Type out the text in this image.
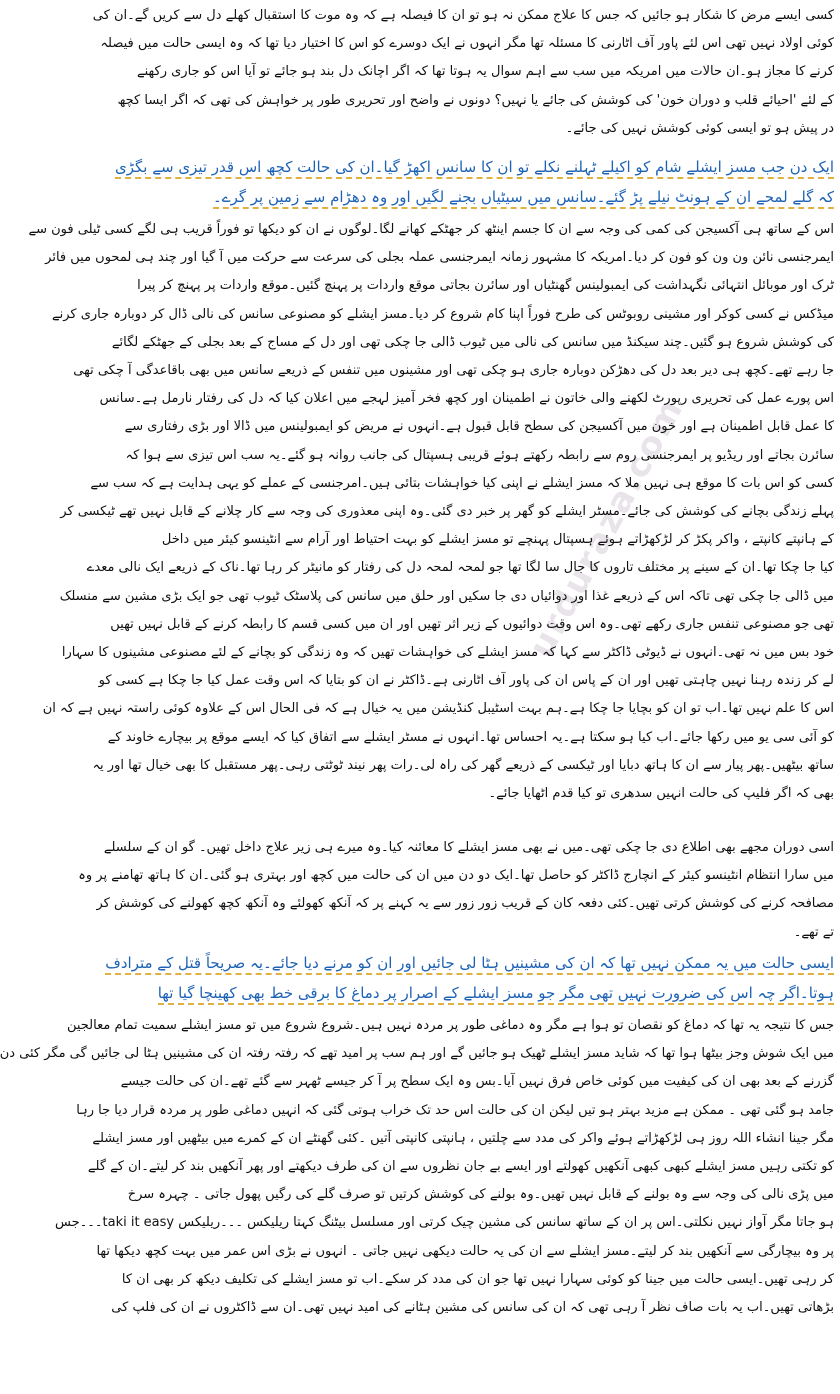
urduraza.com
کسی ایسے مرض کا شکار ہو جائیں کہ جس کا علاج ممکن نہ ہو تو ان کا فیصلہ ہے کہ وہ موت کا استقبال کھلے دل سے کریں گے۔ان کی
کوئی اولاد نہیں تھی اس لئے پاور آف اٹارنی کا مسئلہ تھا مگر انہوں نے ایک دوسرے کو اس کا اختیار دیا تھا کہ وہ ایسی حالت میں فیصلہ
کرنے کا مجاز ہو۔ان حالات میں امریکہ میں سب سے اہم سوال یہ ہوتا تھا کہ اگر اچانک دل بند ہو جائے تو آیا اس کو جاری رکھنے
کے لئے 'احیائے قلب و دوران خون' کی کوشش کی جائے یا نہیں؟ دونوں نے واضح اور تحریری طور پر خواہش کی تھی کہ اگر ایسا کچھ
در پیش ہو تو ایسی کوئی کوشش نہیں کی جائے۔
ایک دن جب مسز ایشلے شام کو اکیلے ٹہلنے نکلے تو ان کا سانس اکھڑ گیا۔ان کی حالت کچھ اس قدر تیزی سے بگڑی
کہ گلے لمحے ان کے ہونٹ نیلے پڑ گئے۔سانس میں سیٹیاں بجنے لگیں اور وہ دھڑام سے زمین پر گرے۔
اس کے ساتھ ہی آکسیجن کی کمی کی وجہ سے ان کا جسم اینٹھ کر جھٹکے کھانے لگا۔لوگوں نے ان کو دیکھا تو فوراً قریب ہی لگے کسی ٹیلی فون سے
ایمرجنسی نائن ون ون کو فون کر دیا۔امریکہ کا مشہور زمانہ ایمرجنسی عملہ بجلی کی سرعت سے حرکت میں آ گیا اور چند ہی لمحوں میں فائر
ٹرک اور موبائل انتہائی نگہداشت کی ایمبولینس گھنٹیاں اور سائرن بجاتی موقع واردات پر پہنچ گئیں۔موقع واردات پر پہنچ کر پیرا
میڈکس نے کسی کوکر اور مشینی روبوٹس کی طرح فوراً اپنا کام شروع کر دیا۔مسز ایشلے کو مصنوعی سانس کی نالی ڈال کر دوبارہ جاری کرنے
کی کوشش شروع ہو گئیں۔چند سیکنڈ میں سانس کی نالی میں ٹیوب ڈالی جا چکی تھی اور دل کے مساج کے بعد بجلی کے جھٹکے لگائے
جا رہے تھے۔کچھ ہی دیر بعد دل کی دھڑکن دوبارہ جاری ہو چکی تھی اور مشینوں میں تنفس کے ذریعے سانس میں بھی باقاعدگی آ چکی تھی
اس پورے عمل کی تحریری رپورٹ لکھنے والی خاتون نے اطمینان اور کچھ فخر آمیز لہجے میں اعلان کیا کہ دل کی رفتار نارمل ہے۔سانس
کا عمل قابل اطمینان ہے اور خون میں آکسیجن کی سطح قابل قبول ہے۔انہوں نے مریض کو ایمبولینس میں ڈالا اور بڑی رفتاری سے
سائرن بجاتے اور ریڈیو پر ایمرجنسی روم سے رابطہ رکھتے ہوئے قریبی ہسپتال کی جانب روانہ ہو گئے۔یہ سب اس تیزی سے ہوا کہ
کسی کو اس بات کا موقع ہی نہیں ملا کہ مسز ایشلے نے اپنی کیا خواہشات بتائی ہیں۔امرجنسی کے عملے کو یہی ہدایت ہے کہ سب سے
پہلے زندگی بچانے کی کوشش کی جائے۔مسٹر ایشلے کو گھر پر خبر دی گئی۔وہ اپنی معذوری کی وجہ سے کار چلانے کے قابل نہیں تھے ٹیکسی کر
کے ہانپتے کانپتے ، واکر پکڑ کر لڑکھڑاتے ہوئے ہسپتال پہنچے تو مسز ایشلے کو بہت احتیاط اور آرام سے انٹینسو کیئر میں داخل
کیا جا چکا تھا۔ان کے سینے پر مختلف تاروں کا جال سا لگا تھا جو لمحہ لمحہ دل کی رفتار کو مانیٹر کر رہا تھا۔ناک کے ذریعے ایک نالی معدے
میں ڈالی جا چکی تھی تاکہ اس کے ذریعے غذا اور دوائیاں دی جا سکیں اور حلق میں سانس کی پلاسٹک ٹیوب تھی جو ایک بڑی مشین سے منسلک
تھی جو مصنوعی تنفس جاری رکھے تھی۔وہ اس وقت دوائیوں کے زیر اثر تھیں اور ان میں کسی قسم کا رابطہ کرنے کے قابل نہیں تھیں
خود بس میں نہ تھی۔انہوں نے ڈیوٹی ڈاکٹر سے کہا کہ مسز ایشلے کی خواہشات تھیں کہ وہ زندگی کو بچانے کے لئے مصنوعی مشینوں کا سہارا
لے کر زندہ رہنا نہیں چاہتی تھیں اور ان کے پاس ان کی پاور آف اٹارنی ہے۔ڈاکٹر نے ان کو بتایا کہ اس وقت عمل کیا جا چکا ہے کسی کو
اس کا علم نہیں تھا۔اب تو ان کو بچایا جا چکا ہے۔ہم بہت اسٹیبل کنڈیشن میں یہ خیال ہے کہ فی الحال اس کے علاوہ کوئی راستہ نہیں ہے کہ ان
کو آئی سی یو میں رکھا جائے۔اب کیا ہو سکتا ہے۔یہ احساس تھا۔انہوں نے مسٹر ایشلے سے اتفاق کیا کہ ایسے موقع پر بیچارے خاوند کے
ساتھ بیٹھیں۔پھر پیار سے ان کا ہاتھ دبایا اور ٹیکسی کے ذریعے گھر کی راہ لی۔رات پھر نیند ٹوٹتی رہی۔پھر مستقبل کا بھی خیال تھا اور یہ
بھی کہ اگر فلیپ کی حالت انہیں سدھری تو کیا قدم اٹھایا جائے۔
اسی دوران مجھے بھی اطلاع دی جا چکی تھی۔میں نے بھی مسز ایشلے کا معائنہ کیا۔وہ میرے ہی زیر علاج داخل تھیں۔ گو ان کے سلسلے
میں سارا انتظام انٹینسو کیئر کے انچارج ڈاکٹر کو حاصل تھا۔ایک دو دن میں ان کی حالت میں کچھ اور بہتری ہو گئی۔ان کا ہاتھ تھامنے پر وہ
مصافحہ کرنے کی کوشش کرتی تھیں۔کئی دفعہ کان کے قریب زور زور سے یہ کہنے پر کہ آنکھ کھولئے وہ آنکھ کچھ کھولنے کی کوشش کر
تے تھے۔
ایسی حالت میں یہ ممکن نہیں تھا کہ ان کی مشینیں ہٹا لی جائیں اور ان کو مرنے دیا جائے۔یہ صریحاً قتل کے مترادف
ہوتا۔اگر چہ اس کی ضرورت نہیں تھی مگر جو مسز ایشلے کے اصرار پر دماغ کا برقی خط بھی کھینچا گیا تھا
جس کا نتیجہ یہ تھا کہ دماغ کو نقصان تو ہوا ہے مگر وہ دماغی طور پر مردہ نہیں ہیں۔شروع شروع میں تو مسز ایشلے سمیت تمام معالجین
میں ایک شوش وجز بیٹھا ہوا تھا کہ شاید مسز ایشلے ٹھیک ہو جائیں گے اور ہم سب پر امید تھے کہ رفتہ رفتہ ان کی مشینیں ہٹا لی جائیں گی مگر کئی دن
گزرنے کے بعد بھی ان کی کیفیت میں کوئی خاص فرق نہیں آیا۔بس وہ ایک سطح پر آ کر جیسے ٹھہر سے گئے تھے۔ان کی حالت جیسے
جامد ہو گئی تھی ۔ ممکن ہے مزید بہتر ہو تیں لیکن ان کی حالت اس حد تک خراب ہوتی گئی کہ انہیں دماغی طور پر مردہ قرار دیا جا رہا
مگر جینا انشاء اللہ روز ہی لڑکھڑاتے ہوئے واکر کی مدد سے چلتیں ، ہانپتی کانپتی آتیں ۔کئی گھنٹے ان کے کمرے میں بیٹھیں اور مسز ایشلے
کو تکتی رہیں مسز ایشلے کبھی کبھی آنکھیں کھولتے اور ایسے بے جان نظروں سے ان کی طرف دیکھتے اور پھر آنکھیں بند کر لیتے۔ان کے گلے
میں پڑی نالی کی وجہ سے وہ بولنے کے قابل نہیں تھیں۔وہ بولنے کی کوشش کرتیں تو صرف گلے کی رگیں پھول جاتی ۔ چہرہ سرخ
ہو جاتا مگر آواز نہیں نکلتی۔اس پر ان کے ساتھ سانس کی مشین چیک کرتی اور مسلسل بیٹنگ کہتا ریلیکس ۔۔۔ریلیکس taki it easy۔۔۔جس
پر وہ بیچارگی سے آنکھیں بند کر لیتے۔مسز ایشلے سے ان کی یہ حالت دیکھی نہیں جاتی ۔ انہوں نے بڑی اس عمر میں بہت کچھ دیکھا تھا
کر رہی تھیں۔ایسی حالت میں جینا کو کوئی سہارا نہیں تھا جو ان کی مدد کر سکے۔اب تو مسز ایشلے کی تکلیف دیکھ کر بھی ان کا
بڑھاتی تھیں۔اب یہ بات صاف نظر آ رہی تھی کہ ان کی سانس کی مشین ہٹانے کی امید نہیں تھی۔ان سے ڈاکٹروں نے ان کی فلپ کی
